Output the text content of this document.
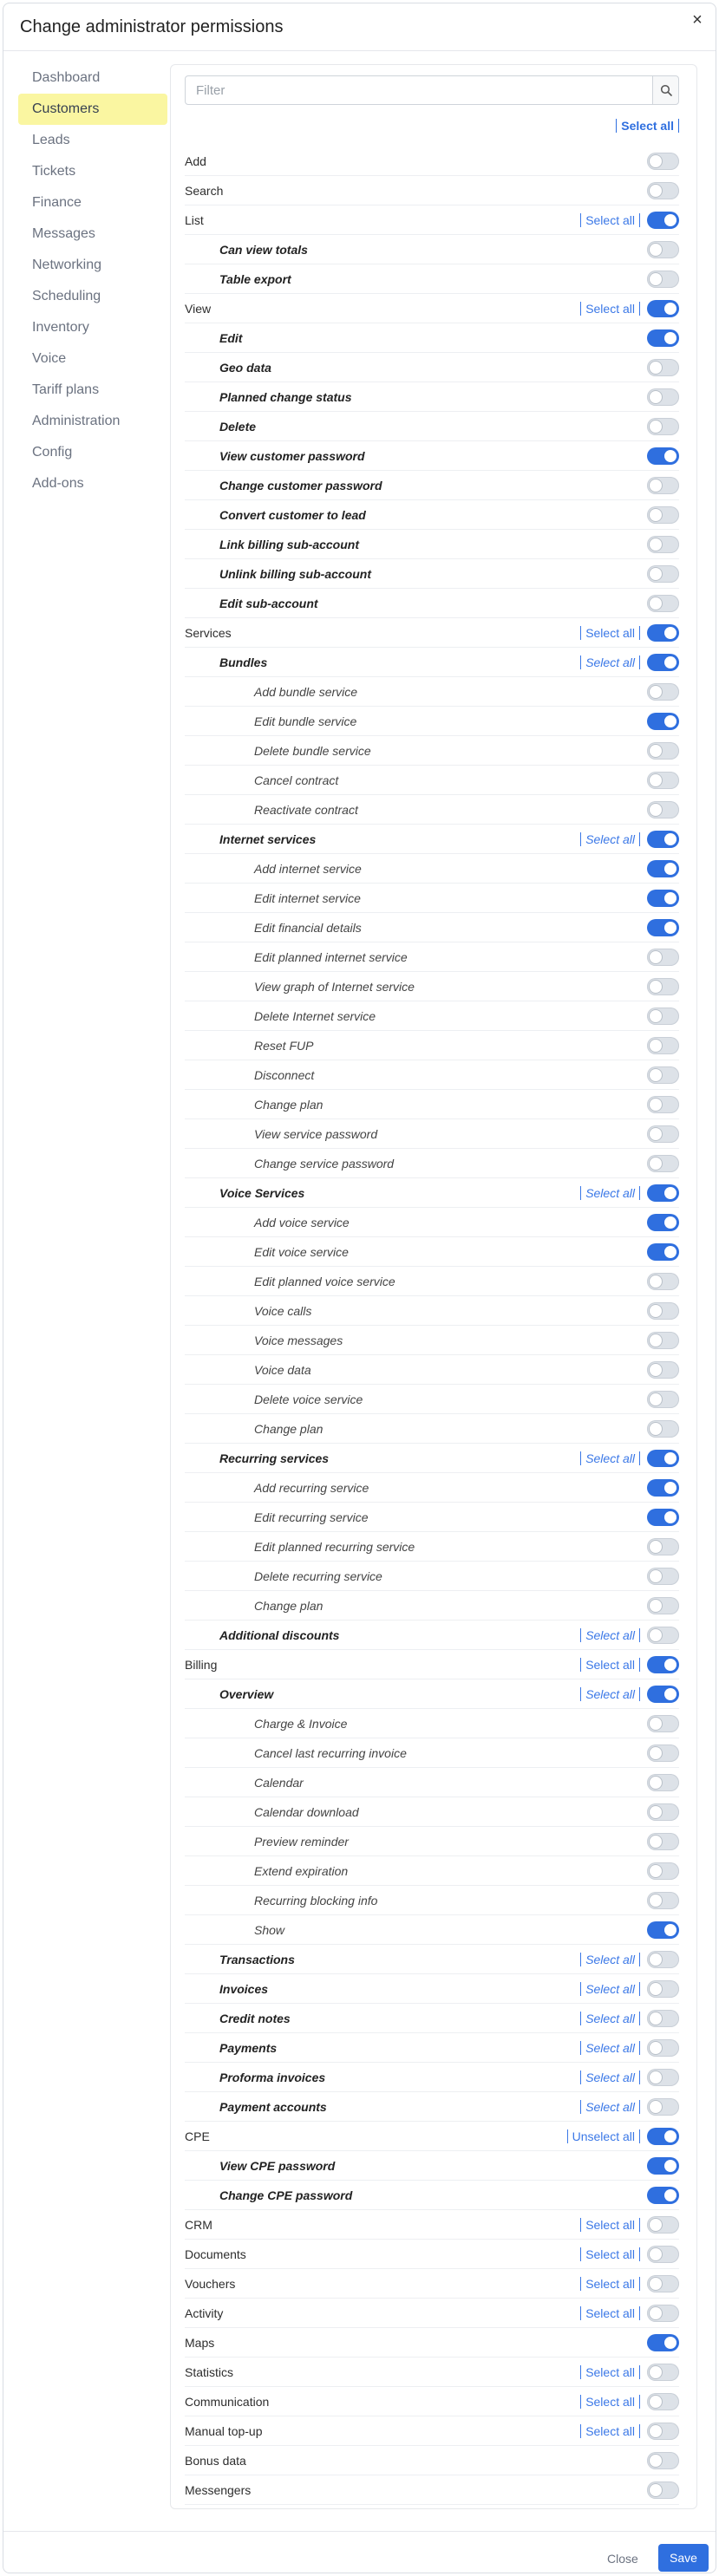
Change administrator permissions	×
Dashboard
Customers
Leads
Tickets
Finance
Messages
Networking
Scheduling
Inventory
Voice
Tariff plans
Administration
Config
Add-ons
Filter
Select all
Add
Search
List	Select all
Can view totals
Table export
View	Select all
Edit
Geo data
Planned change status
Delete
View customer password
Change customer password
Convert customer to lead
Link billing sub-account
Unlink billing sub-account
Edit sub-account
Services	Select all
Bundles	Select all
Add bundle service
Edit bundle service
Delete bundle service
Cancel contract
Reactivate contract
Internet services	Select all
Add internet service
Edit internet service
Edit financial details
Edit planned internet service
View graph of Internet service
Delete Internet service
Reset FUP
Disconnect
Change plan
View service password
Change service password
Voice Services	Select all
Add voice service
Edit voice service
Edit planned voice service
Voice calls
Voice messages
Voice data
Delete voice service
Change plan
Recurring services	Select all
Add recurring service
Edit recurring service
Edit planned recurring service
Delete recurring service
Change plan
Additional discounts	Select all
Billing	Select all
Overview	Select all
Charge & Invoice
Cancel last recurring invoice
Calendar
Calendar download
Preview reminder
Extend expiration
Recurring blocking info
Show
Transactions	Select all
Invoices	Select all
Credit notes	Select all
Payments	Select all
Proforma invoices	Select all
Payment accounts	Select all
CPE	Unselect all
View CPE password
Change CPE password
CRM	Select all
Documents	Select all
Vouchers	Select all
Activity	Select all
Maps
Statistics	Select all
Communication	Select all
Manual top-up	Select all
Bonus data
Messengers
Close	Save
